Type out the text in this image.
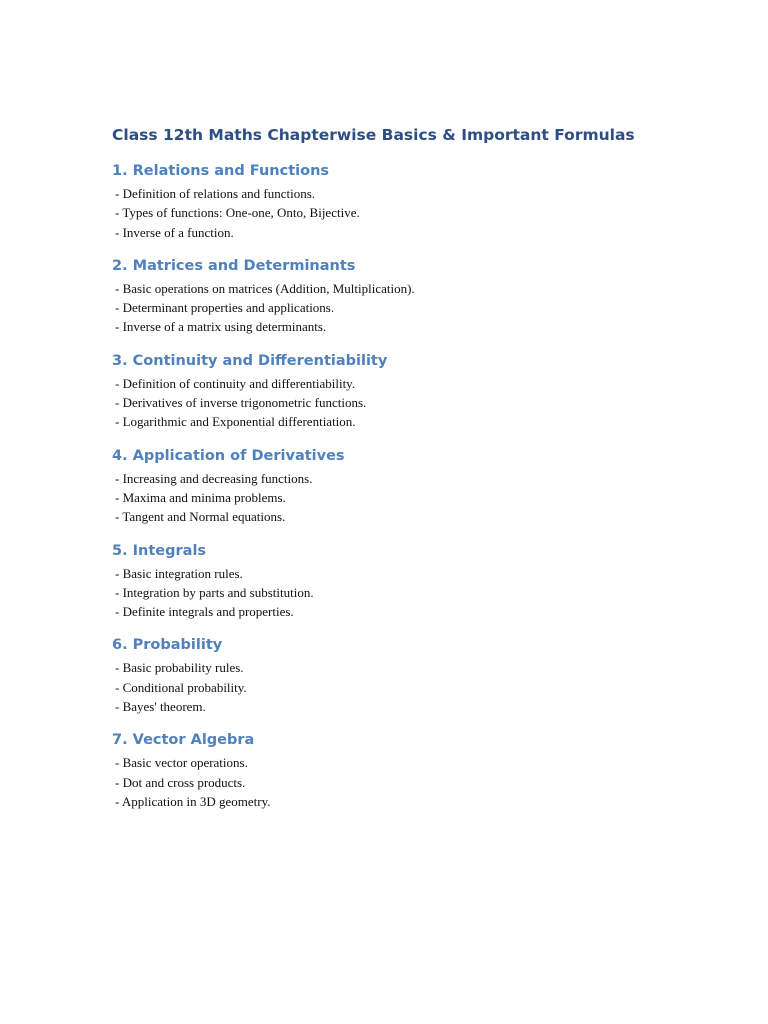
Class 12th Maths Chapterwise Basics & Important Formulas
1. Relations and Functions
- Definition of relations and functions.
- Types of functions: One-one, Onto, Bijective.
- Inverse of a function.
2. Matrices and Determinants
- Basic operations on matrices (Addition, Multiplication).
- Determinant properties and applications.
- Inverse of a matrix using determinants.
3. Continuity and Differentiability
- Definition of continuity and differentiability.
- Derivatives of inverse trigonometric functions.
- Logarithmic and Exponential differentiation.
4. Application of Derivatives
- Increasing and decreasing functions.
- Maxima and minima problems.
- Tangent and Normal equations.
5. Integrals
- Basic integration rules.
- Integration by parts and substitution.
- Definite integrals and properties.
6. Probability
- Basic probability rules.
- Conditional probability.
- Bayes' theorem.
7. Vector Algebra
- Basic vector operations.
- Dot and cross products.
- Application in 3D geometry.
